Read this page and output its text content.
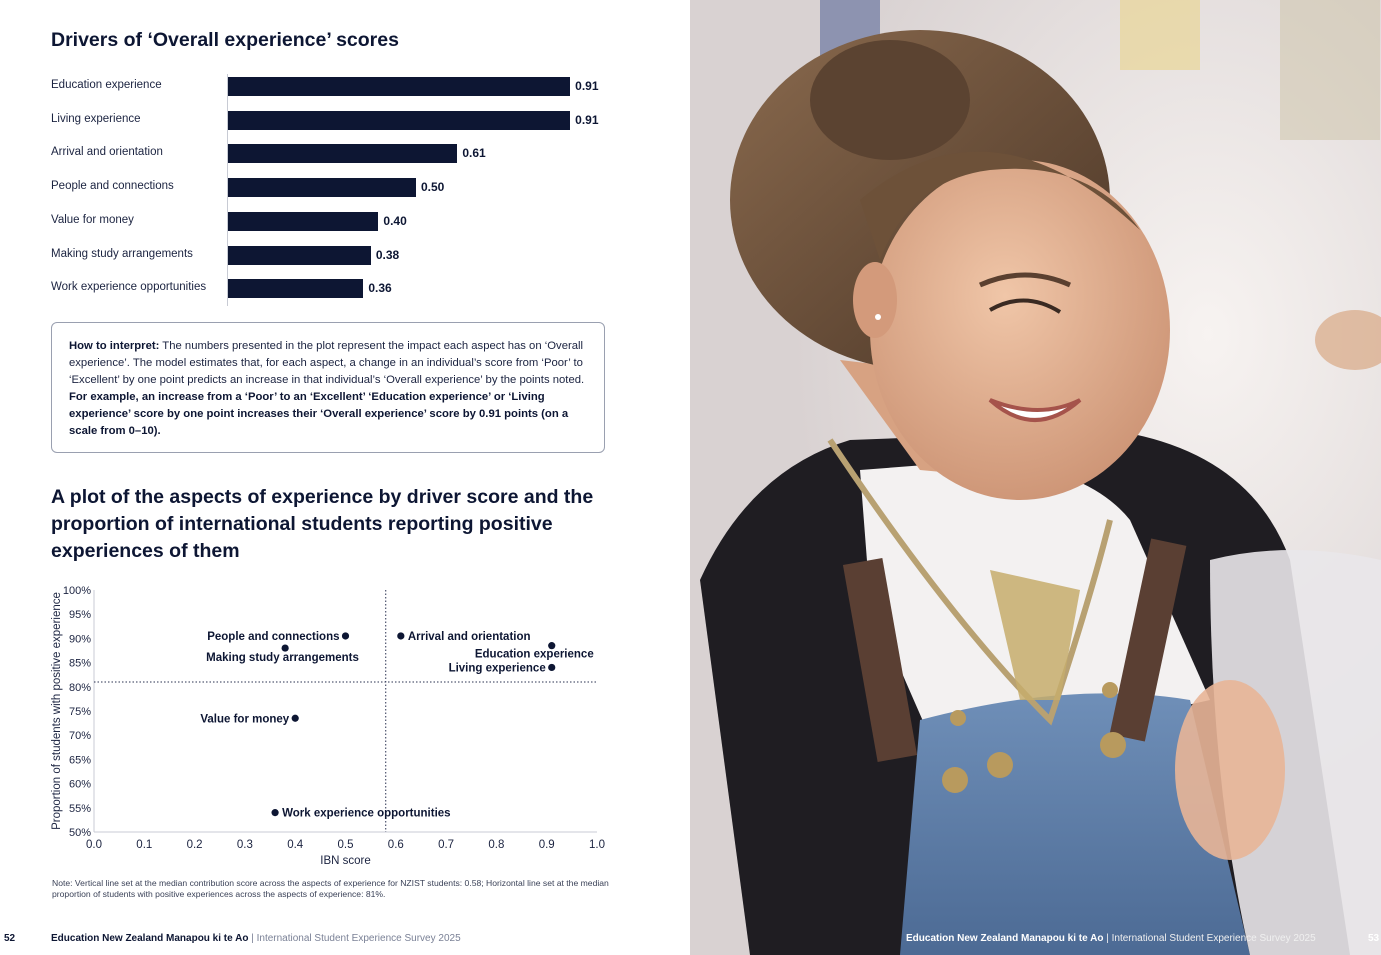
Drivers of ‘Overall experience’ scores
Education experience	0.91
Living experience	0.91
Arrival and orientation	0.61
People and connections	0.50
Value for money	0.40
Making study arrangements	0.38
Work experience opportunities	0.36
How to interpret: The numbers presented in the plot represent the impact each aspect has on ‘Overall experience’. The model estimates that, for each aspect, a change in an individual’s score from ‘Poor’ to ‘Excellent’ by one point predicts an increase in that individual’s ‘Overall experience’ by the points noted. For example, an increase from a ‘Poor’ to an ‘Excellent’ ‘Education experience’ or ‘Living experience’ score by one point increases their ‘Overall experience’ score by 0.91 points (on a scale from 0–10).
A plot of the aspects of experience by driver score and the proportion of international students reporting positive experiences of them
0.0	0.1	0.2	0.3	0.4	0.5	0.6	0.7	0.8	0.9	1.0
50%
55%
60%
65%
70%
75%
80%
85%
90%
95%
100%
IBN score
Proportion of students with positive experience	People and connections
Making study arrangements
Arrival and orientation
Education experience
Living experience
Value for money
Work experience opportunities
Note: Vertical line set at the median contribution score across the aspects of experience for NZIST students: 0.58; Horizontal line set at the median proportion of students with positive experiences across the aspects of experience: 81%.
52	Education New Zealand Manapou ki te Ao | International Student Experience Survey 2025	Education New Zealand Manapou ki te Ao | International Student Experience Survey 2025	53
